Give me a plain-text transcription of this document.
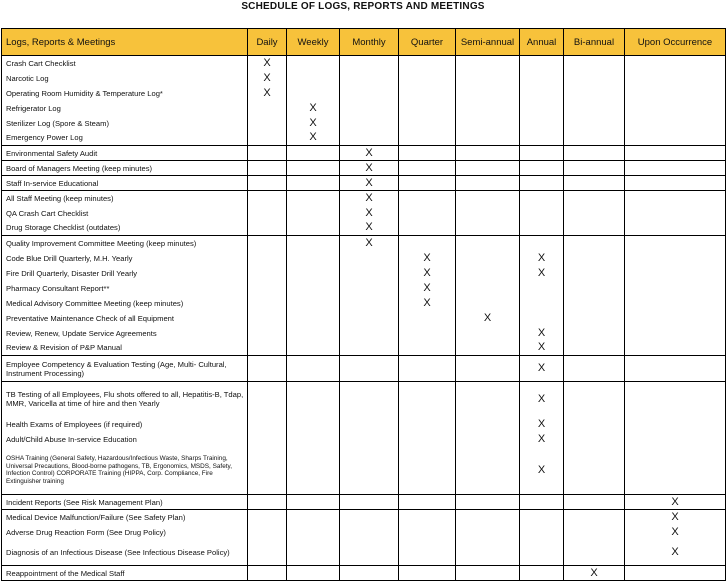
SCHEDULE OF LOGS, REPORTS AND MEETINGS
Logs, Reports & Meetings	Daily	Weekly	Monthly	Quarter	Semi-annual	Annual	Bi-annual	Upon Occurrence
Crash Cart Checklist	X							
Narcotic Log	X							
Operating Room Humidity & Temperature Log*	X							
Refrigerator Log		X						
Sterilizer Log (Spore & Steam)		X						
Emergency Power Log		X						
Environmental Safety Audit			X					
Board of Managers Meeting (keep minutes)			X					
Staff In-service Educational			X					
All Staff Meeting (keep minutes)			X					
QA Crash Cart Checklist			X					
Drug Storage Checklist (outdates)			X					
Quality Improvement Committee Meeting (keep minutes)			X					
Code Blue Drill Quarterly, M.H. Yearly				X		X		
Fire Drill Quarterly, Disaster Drill Yearly				X		X		
Pharmacy Consultant Report**				X				
Medical Advisory Committee Meeting (keep minutes)				X				
Preventative Maintenance Check of all Equipment					X			
Review, Renew, Update Service Agreements						X		
Review & Revision of P&P Manual						X		
Employee Competency & Evaluation Testing (Age, Multi- Cultural, Instrument Processing)						X		
TB Testing of all Employees, Flu shots offered to all, Hepatitis-B, Tdap, MMR, Varicella at time of hire and then Yearly						X		
Health Exams of Employees (if required)						X		
Adult/Child Abuse In-service Education						X		
OSHA Training (General Safety, Hazardous/Infectious Waste, Sharps Training, Universal Precautions, Blood-borne pathogens, TB, Ergonomics, MSDS, Safety, Infection Control) CORPORATE Training (HIPPA, Corp. Compliance, Fire Extinguisher training						X		
Incident Reports (See Risk Management Plan)								X
Medical Device Malfunction/Failure (See Safety Plan)								X
Adverse Drug Reaction Form (See Drug Policy)								X
Diagnosis of an Infectious Disease (See Infectious Disease Policy)								X
Reappointment of the Medical Staff							X	
